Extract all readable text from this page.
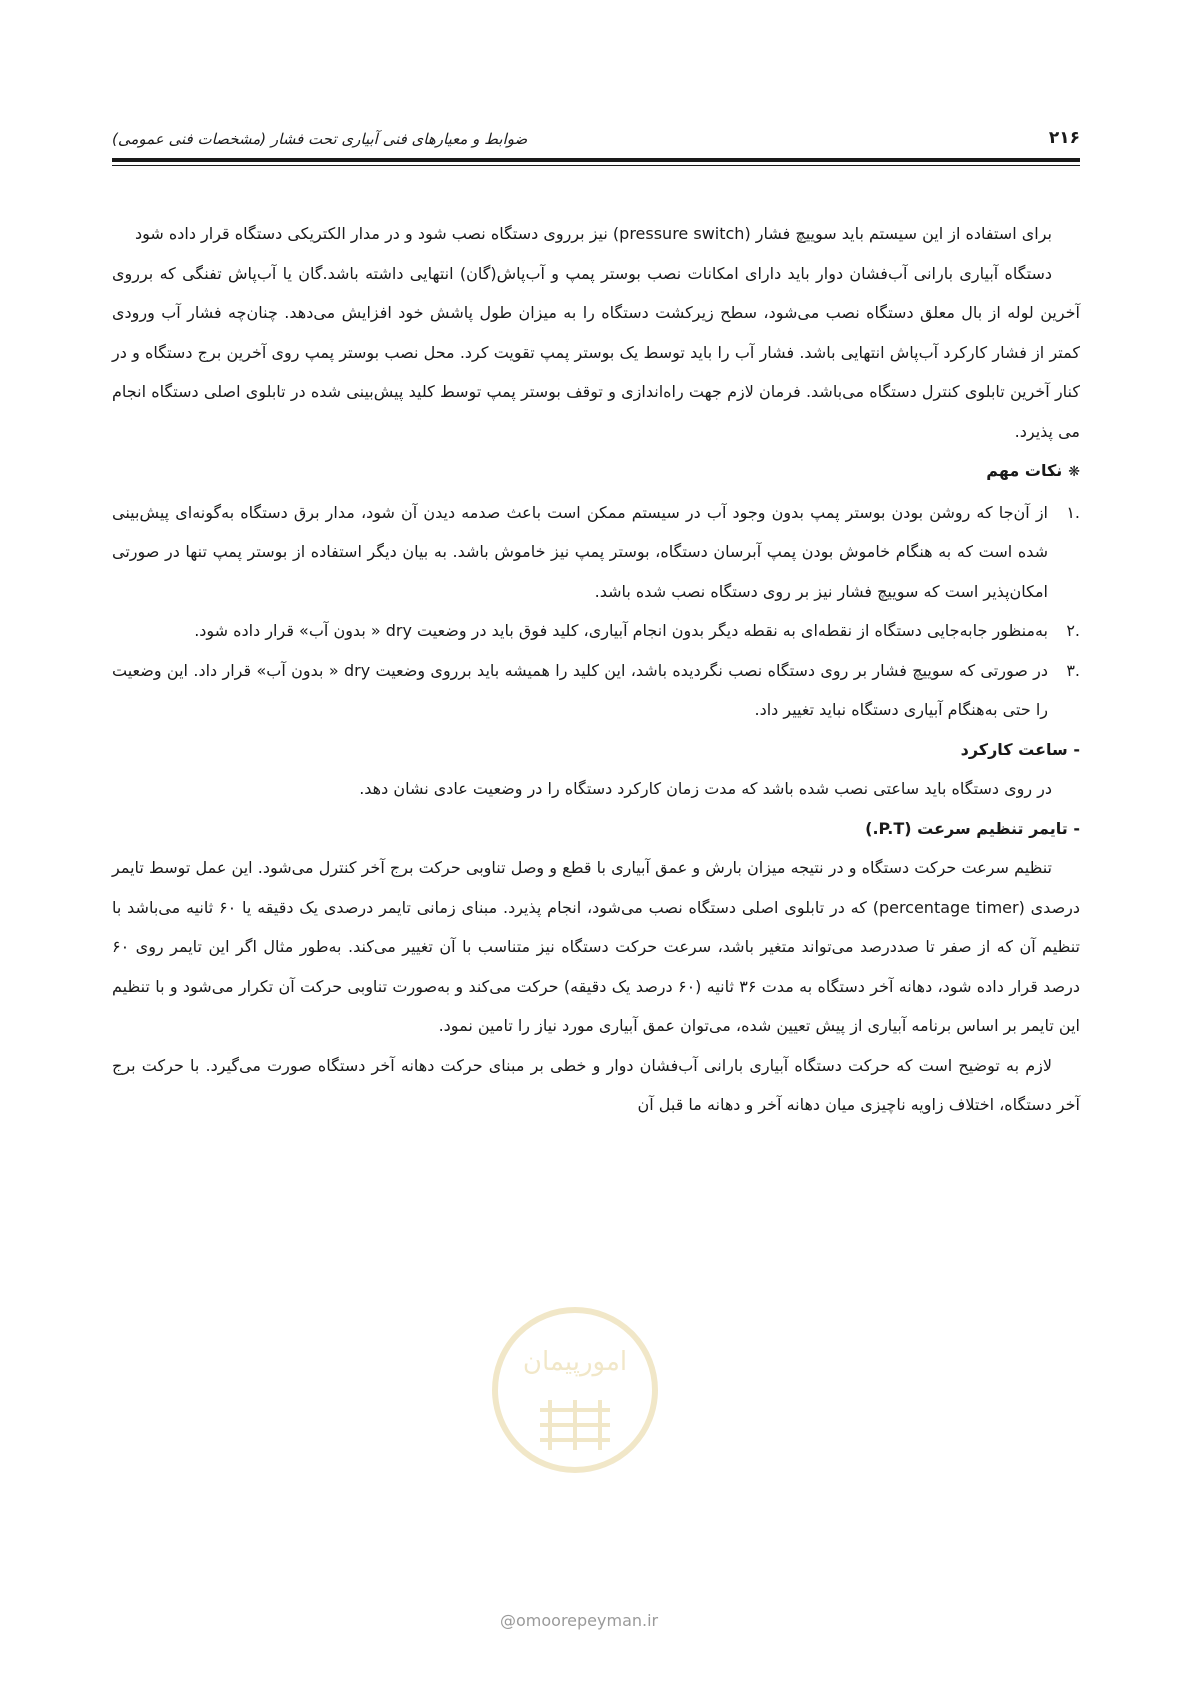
۲۱۶
ضوابط و معیارهای فنی آبیاری تحت فشار (مشخصات فنی عمومی)

برای استفاده از این سیستم باید سوییچ فشار (pressure switch) نیز برروی دستگاه نصب شود و در مدار الکتریکی دستگاه قرار داده شود

دستگاه آبیاری بارانی آب‌فشان دوار باید دارای امکانات نصب بوستر پمپ و آب‌پاش(گان) انتهایی داشته باشد.گان یا آب‌پاش تفنگی که برروی آخرین لوله از بال معلق دستگاه نصب می‌شود، سطح زیرکشت دستگاه را به میزان طول پاشش خود افزایش می‌دهد. چنان‌چه فشار آب ورودی کمتر از فشار کارکرد آب‌پاش انتهایی باشد. فشار آب را باید توسط یک بوستر پمپ تقویت کرد. محل نصب بوستر پمپ روی آخرین برج دستگاه و در کنار آخرین تابلوی کنترل دستگاه می‌باشد. فرمان لازم جهت راه‌اندازی و توقف بوستر پمپ توسط کلید پیش‌بینی شده در تابلوی اصلی دستگاه انجام می پذیرد.

❋نکات مهم

.۱
از آن‌جا که روشن بودن بوستر پمپ بدون وجود آب در سیستم ممکن است باعث صدمه دیدن آن شود، مدار برق دستگاه به‌گونه‌ای پیش‌بینی شده است که به هنگام خاموش بودن پمپ آبرسان دستگاه، بوستر پمپ نیز خاموش باشد. به بیان دیگر استفاده از بوستر پمپ تنها در صورتی امکان‌پذیر است که سوییچ فشار نیز بر روی دستگاه نصب شده باشد.
.۲
به‌منظور جابه‌جایی دستگاه از نقطه‌ای به نقطه دیگر بدون انجام آبیاری، کلید فوق باید در وضعیت dry « بدون آب» قرار داده شود.
.۳
در صورتی که سوییچ فشار بر روی دستگاه نصب نگردیده باشد، این کلید را همیشه باید برروی وضعیت dry « بدون آب» قرار داد. این وضعیت را حتی به‌هنگام آبیاری دستگاه نباید تغییر داد.

- ساعت کارکرد

در روی دستگاه باید ساعتی نصب شده باشد که مدت زمان کارکرد دستگاه را در وضعیت عادی نشان دهد.

- تایمر تنظیم سرعت (P.T.)

تنظیم سرعت حرکت دستگاه و در نتیجه میزان بارش و عمق آبیاری با قطع و وصل تناوبی حرکت برج آخر کنترل می‌شود. این عمل توسط تایمر درصدی (percentage timer) که در تابلوی اصلی دستگاه نصب می‌شود، انجام پذیرد. مبنای زمانی تایمر درصدی یک دقیقه یا ۶۰ ثانیه می‌باشد با تنظیم آن که از صفر تا صددرصد می‌تواند متغیر باشد، سرعت حرکت دستگاه نیز متناسب با آن تغییر می‌کند. به‌طور مثال اگر این تایمر روی ۶۰ درصد قرار داده شود، دهانه آخر دستگاه به مدت ۳۶ ثانیه (۶۰ درصد یک دقیقه) حرکت می‌کند و به‌صورت تناوبی حرکت آن تکرار می‌شود و با تنظیم این تایمر بر اساس برنامه آبیاری از پیش تعیین شده، می‌توان عمق آبیاری مورد نیاز را تامین نمود.

لازم به توضیح است که حرکت دستگاه آبیاری بارانی آب‌فشان دوار و خطی بر مبنای حرکت دهانه آخر دستگاه صورت می‌گیرد. با حرکت برج آخر دستگاه، اختلاف زاویه ناچیزی میان دهانه آخر و دهانه ما قبل آن

امورپیمان
@omoorepeyman.ir
